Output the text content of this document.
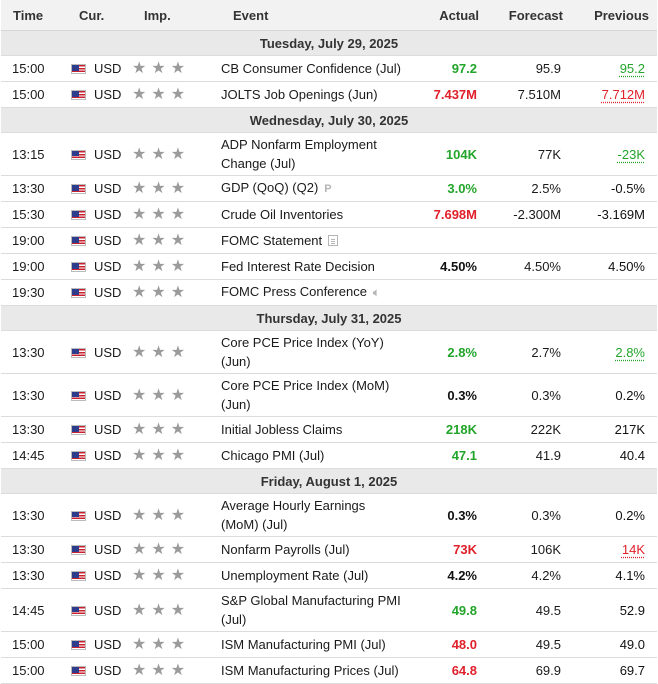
Time	Cur.	Imp.	Event	Actual	Forecast	Previous
Tuesday, July 29, 2025						
15:00	USD	★ ★ ★	CB Consumer Confidence (Jul)	97.2	95.9	95.2
15:00	USD	★ ★ ★	JOLTS Job Openings (Jun)	7.437M	7.510M	7.712M
Wednesday, July 30, 2025						
13:15	USD	★ ★ ★	ADP Nonfarm Employment Change (Jul)	104K	77K	-23K
13:30	USD	★ ★ ★	GDP (QoQ) (Q2) P	3.0%	2.5%	-0.5%
15:30	USD	★ ★ ★	Crude Oil Inventories	7.698M	-2.300M	-3.169M
19:00	USD	★ ★ ★	FOMC Statement			
19:00	USD	★ ★ ★	Fed Interest Rate Decision	4.50%	4.50%	4.50%
19:30	USD	★ ★ ★	FOMC Press Conference 🔈︎			
Thursday, July 31, 2025						
13:30	USD	★ ★ ★	Core PCE Price Index (YoY) (Jun)	2.8%	2.7%	2.8%
13:30	USD	★ ★ ★	Core PCE Price Index (MoM) (Jun)	0.3%	0.3%	0.2%
13:30	USD	★ ★ ★	Initial Jobless Claims	218K	222K	217K
14:45	USD	★ ★ ★	Chicago PMI (Jul)	47.1	41.9	40.4
Friday, August 1, 2025						
13:30	USD	★ ★ ★	Average Hourly Earnings (MoM) (Jul)	0.3%	0.3%	0.2%
13:30	USD	★ ★ ★	Nonfarm Payrolls (Jul)	73K	106K	14K
13:30	USD	★ ★ ★	Unemployment Rate (Jul)	4.2%	4.2%	4.1%
14:45	USD	★ ★ ★	S&P Global Manufacturing PMI (Jul)	49.8	49.5	52.9
15:00	USD	★ ★ ★	ISM Manufacturing PMI (Jul)	48.0	49.5	49.0
15:00	USD	★ ★ ★	ISM Manufacturing Prices (Jul)	64.8	69.9	69.7
